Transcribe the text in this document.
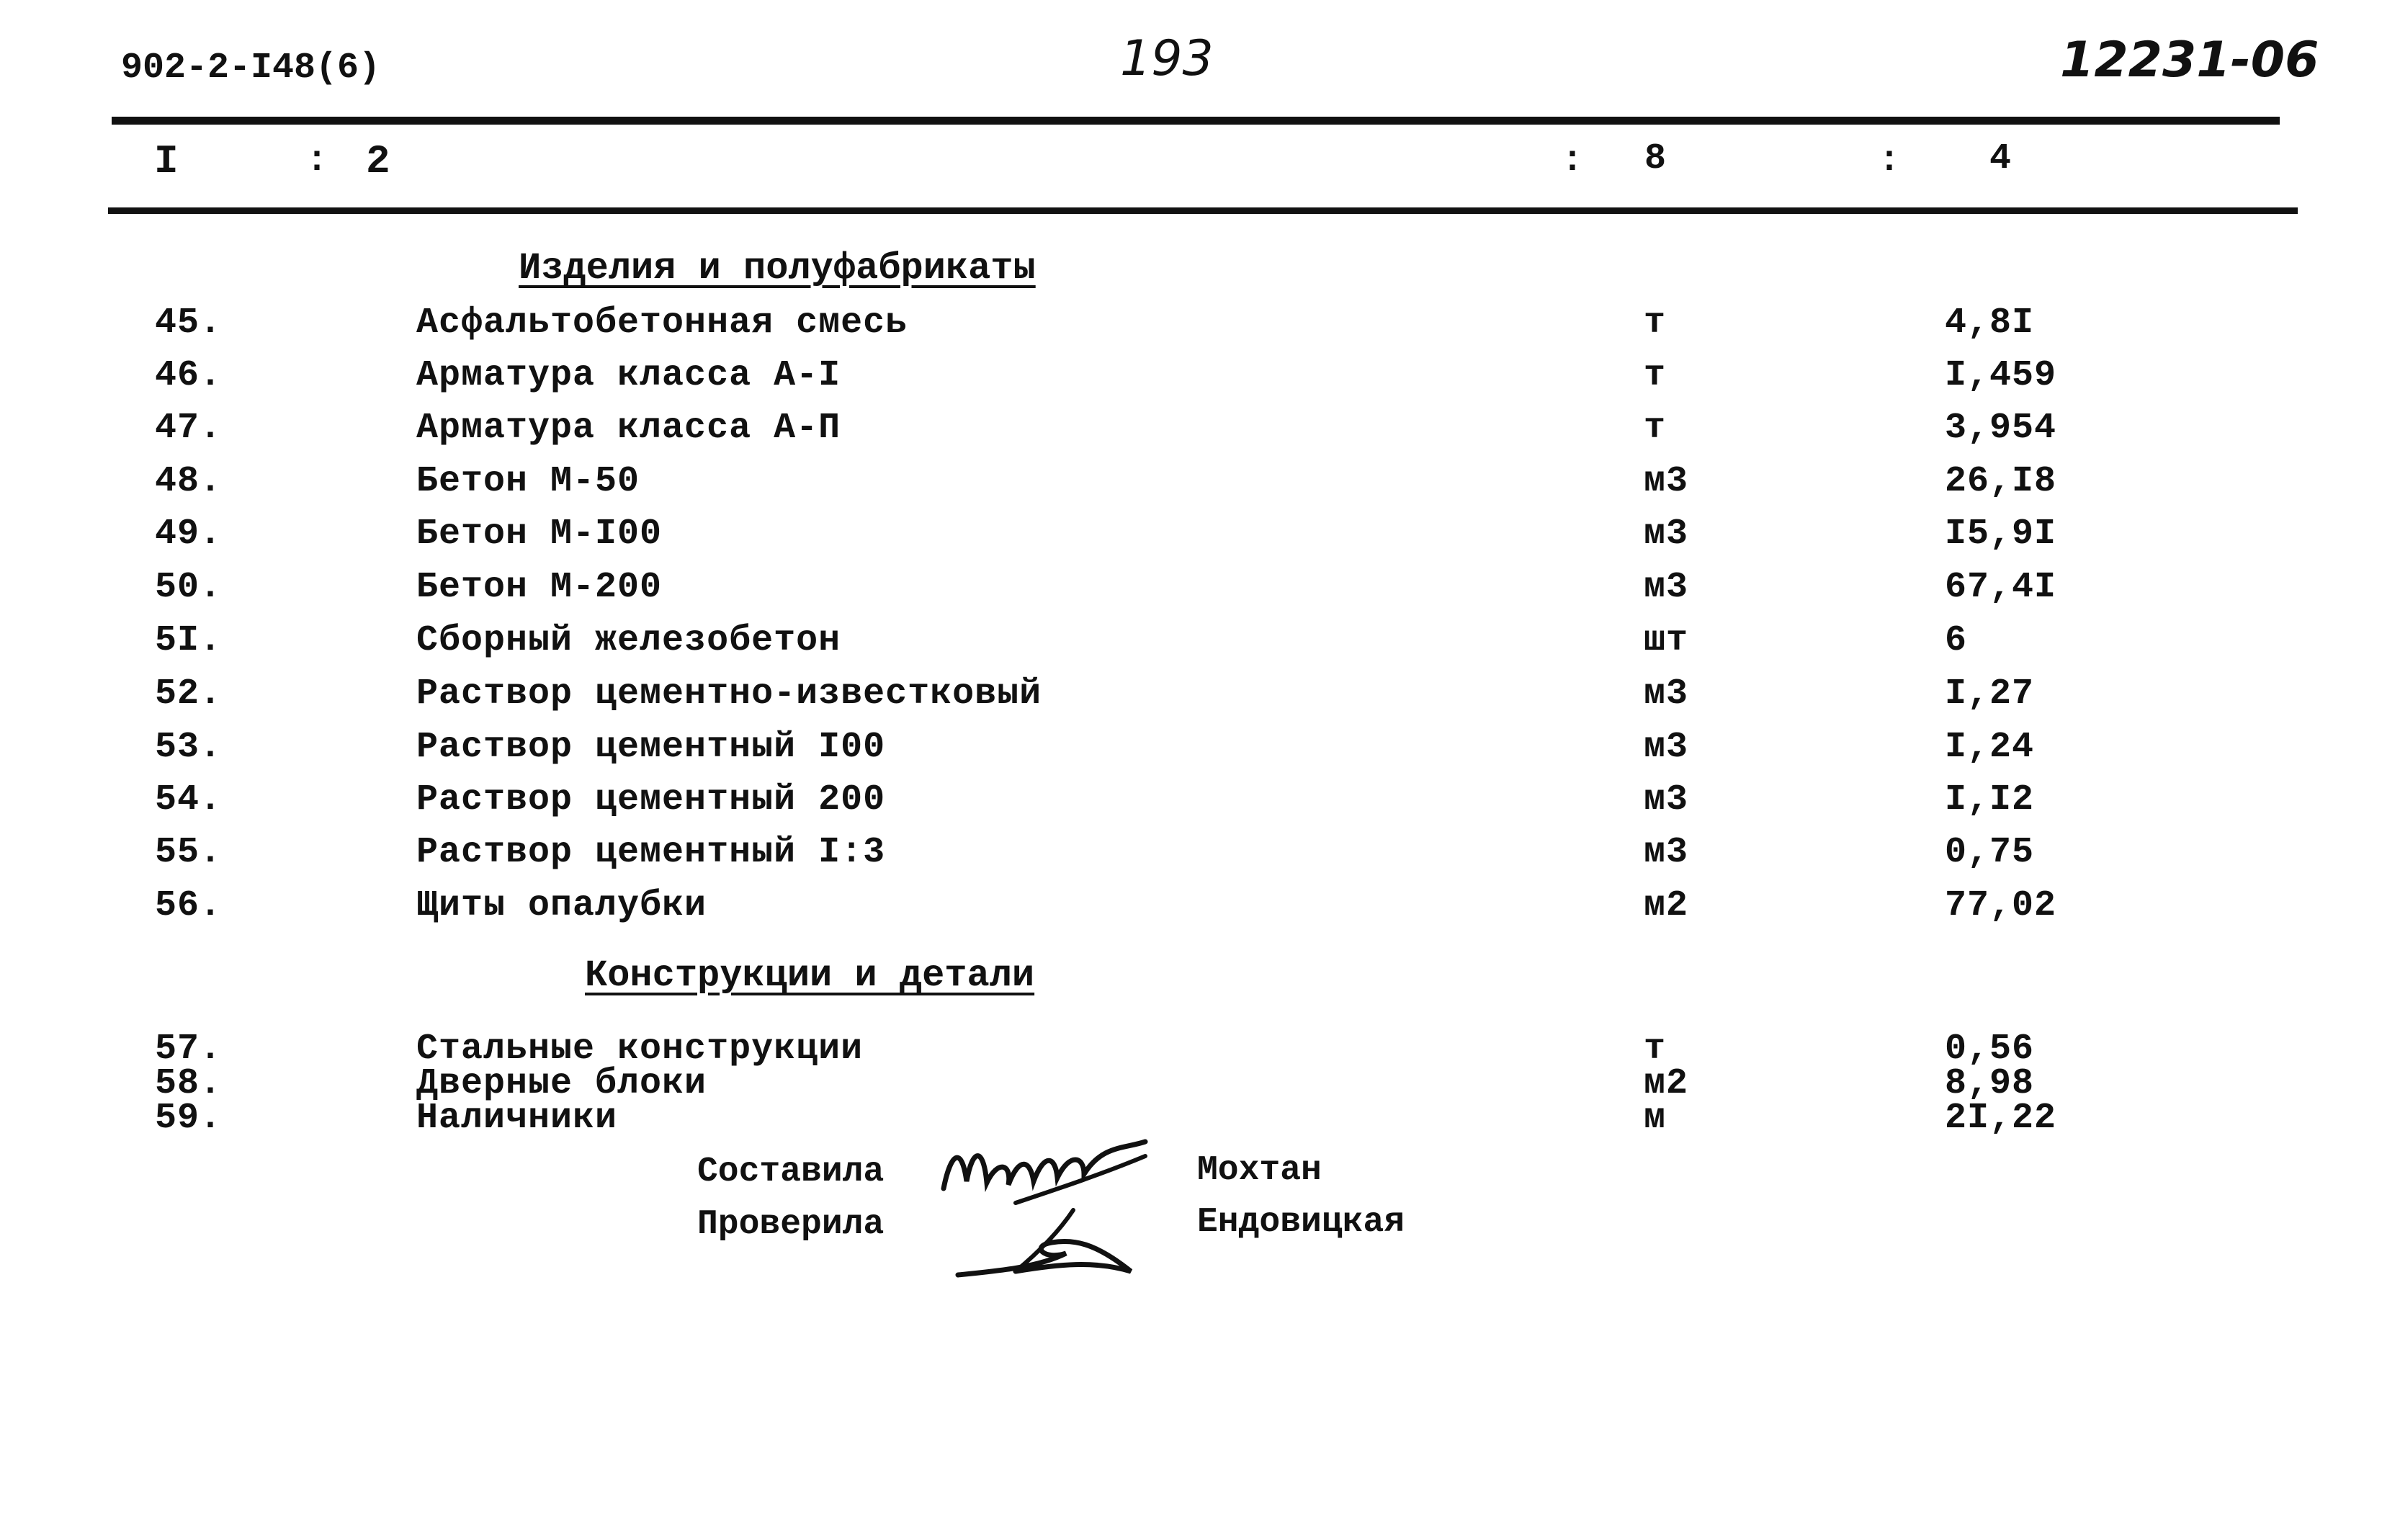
902-2-I48(6)	193	12231-06
I	: 2	: 8	: 4
Изделия и полуфабрикаты
45.	Асфальтобетонная смесь	т	4,8I
46.	Арматура класса А-I	т	I,459
47.	Арматура класса А-П	т	3,954
48.	Бетон М-50	м3	26,I8
49.	Бетон М-I00	м3	I5,9I
50.	Бетон М-200	м3	67,4I
5I.	Сборный железобетон	шт	6
52.	Раствор цементно-известковый	м3	I,27
53.	Раствор цементный I00	м3	I,24
54.	Раствор цементный 200	м3	I,I2
55.	Раствор цементный I:3	м3	0,75
56.	Щиты опалубки	м2	77,02
Конструкции и детали
57.	Стальные конструкции	т	0,56
58.	Дверные блоки	м2	8,98
59.	Наличники	м	2I,22
Составила	Мохтан
Проверила	Ендовицкая
